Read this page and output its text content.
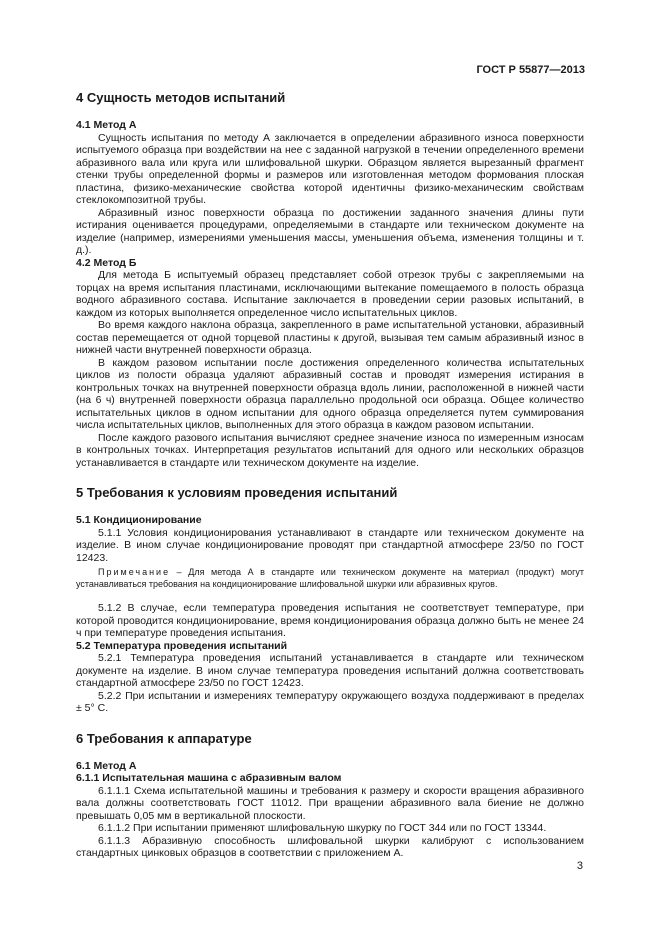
ГОСТ Р 55877—2013
4 Сущность методов испытаний
4.1 Метод А

Сущность испытания по методу А заключается в определении абразивного износа поверхности испытуемого образца при воздействии на нее с заданной нагрузкой в течении определенного времени абразивного вала или круга или шлифовальной шкурки. Образцом является вырезанный фрагмент стенки трубы определенной формы и размеров или изготовленная методом формования плоская пластина, физико-механические свойства которой идентичны физико-механическим свойствам стеклокомпозитной трубы.

Абразивный износ поверхности образца по достижении заданного значения длины пути истирания оценивается процедурами, определяемыми в стандарте или техническом документе на изделие (например, измерениями уменьшения массы, уменьшения объема, изменения толщины и т. д.).

4.2 Метод Б

Для метода Б испытуемый образец представляет собой отрезок трубы с закрепляемыми на торцах на время испытания пластинами, исключающими вытекание помещаемого в полость образца водного абразивного состава. Испытание заключается в проведении серии разовых испытаний, в каждом из которых выполняется определенное число испытательных циклов.

Во время каждого наклона образца, закрепленного в раме испытательной установки, абразивный состав перемещается от одной торцевой пластины к другой, вызывая тем самым абразивный износ в нижней части внутренней поверхности образца.

В каждом разовом испытании после достижения определенного количества испытательных циклов из полости образца удаляют абразивный состав и проводят измерения истирания в контрольных точках на внутренней поверхности образца вдоль линии, расположенной в нижней части (на 6 ч) внутренней поверхности образца параллельно продольной оси образца. Общее количество испытательных циклов в одном испытании для одного образца определяется путем суммирования числа испытательных циклов, выполненных для этого образца в каждом разовом испытании.

После каждого разового испытания вычисляют среднее значение износа по измеренным износам в контрольных точках. Интерпретация результатов испытаний для одного или нескольких образцов устанавливается в стандарте или техническом документе на изделие.

5 Требования к условиям проведения испытаний
5.1 Кондиционирование

5.1.1 Условия кондиционирования устанавливают в стандарте или техническом документе на изделие. В ином случае кондиционирование проводят при стандартной атмосфере 23/50 по ГОСТ 12423.

Примечание – Для метода А в стандарте или техническом документе на материал (продукт) могут устанавливаться требования на кондиционирование шлифовальной шкурки или абразивных кругов.

5.1.2 В случае, если температура проведения испытания не соответствует температуре, при которой проводится кондиционирование, время кондиционирования образца должно быть не менее 24 ч при температуре проведения испытания.

5.2 Температура проведения испытаний

5.2.1 Температура проведения испытаний устанавливается в стандарте или техническом документе на изделие. В ином случае температура проведения испытаний должна соответствовать стандартной атмосфере 23/50 по ГОСТ 12423.

5.2.2 При испытании и измерениях температуру окружающего воздуха поддерживают в пределах ± 5° С.

6 Требования к аппаратуре
6.1 Метод А
6.1.1 Испытательная машина с абразивным валом

6.1.1.1 Схема испытательной машины и требования к размеру и скорости вращения абразивного вала должны соответствовать ГОСТ 11012. При вращении абразивного вала биение не должно превышать 0,05 мм в вертикальной плоскости.

6.1.1.2 При испытании применяют шлифовальную шкурку по ГОСТ 344 или по ГОСТ 13344.

6.1.1.3 Абразивную способность шлифовальной шкурки калибруют с использованием стандартных цинковых образцов в соответствии с приложением А.

3
